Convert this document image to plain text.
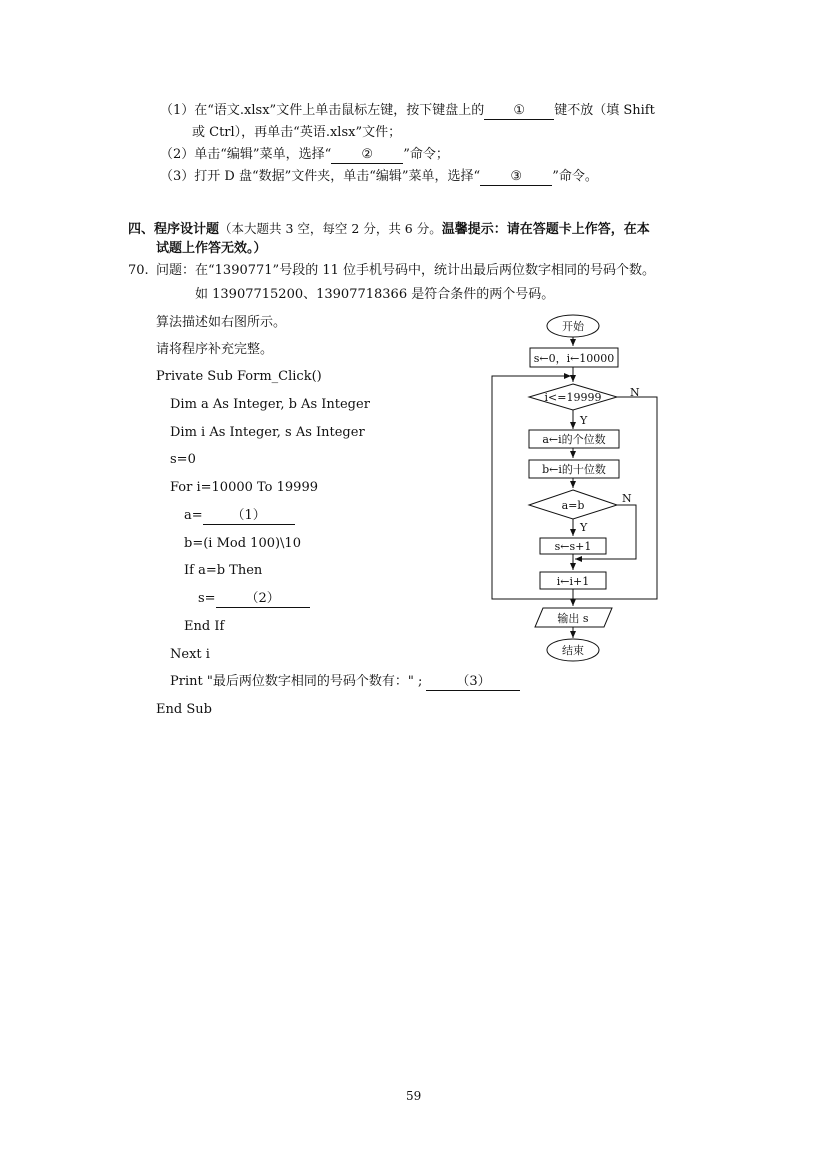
（1）在“语文.xlsx”文件上单击鼠标左键，按下键盘上的 ① 键不放（填 Shift
或 Ctrl），再单击“英语.xlsx”文件；
（2）单击“编辑”菜单，选择“ ② ”命令；
（3）打开 D 盘“数据”文件夹，单击“编辑”菜单，选择“ ③ ”命令。
四、程序设计题（本大题共 3 空，每空 2 分，共 6 分。温馨提示：请在答题卡上作答，在本
试题上作答无效。）
70. 问题：在“1390771”号段的 11 位手机号码中，统计出最后两位数字相同的号码个数。
如 13907715200、13907718366 是符合条件的两个号码。
算法描述如右图所示。
请将程序补充完整。
Private Sub Form_Click()
Dim a As Integer, b As Integer
Dim i As Integer, s As Integer
s=0
For i=10000 To 19999
a= （1）
b=(i Mod 100)\10
If a=b Then
s= （2）
End If
Next i
Print "最后两位数字相同的号码个数有：" ;	（3）
End Sub
开始
s←0，i←10000
i<=19999
Y
N
a←i的个位数
b←i的十位数
a=b
Y
N
s←s+1
i←i+1
输出 s
结束
59
